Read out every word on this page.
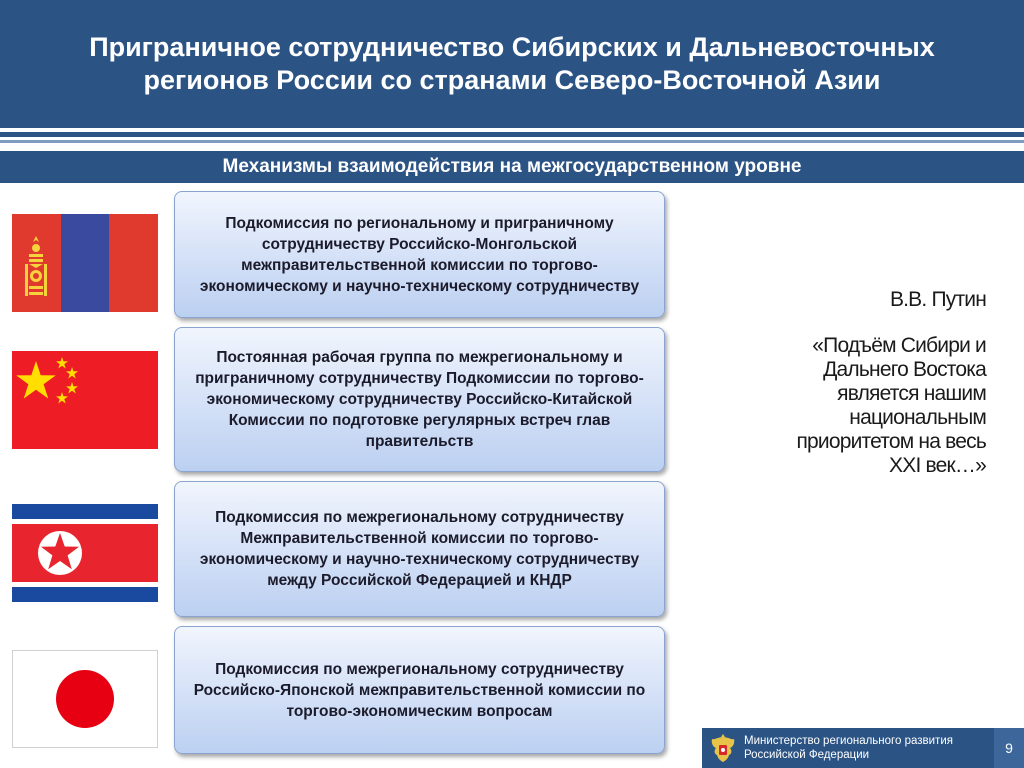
Приграничное сотрудничество Сибирских и Дальневосточных регионов России со странами Северо-Восточной Азии
Механизмы взаимодействия на межгосударственном уровне

Подкомиссия по региональному и приграничному сотрудничеству Российско-Монгольской межправительственной комиссии по торгово-экономическому и научно-техническому сотрудничеству

Постоянная рабочая группа по межрегиональному и приграничному сотрудничеству Подкомиссии по торгово-экономическому сотрудничеству Российско-Китайской Комиссии по подготовке регулярных встреч глав правительств

Подкомиссия по межрегиональному сотрудничеству Межправительственной комиссии по торгово-экономическому и научно-техническому сотрудничеству между Российской Федерацией и КНДР

Подкомиссия по межрегиональному сотрудничеству Российско-Японской межправительственной комиссии по торгово-экономическим вопросам

В.В. Путин
«Подъём Сибири и
Дальнего Востока
является нашим
национальным
приоритетом на весь
XXI век…»
Министерство регионального развития
Российской Федерации	9
